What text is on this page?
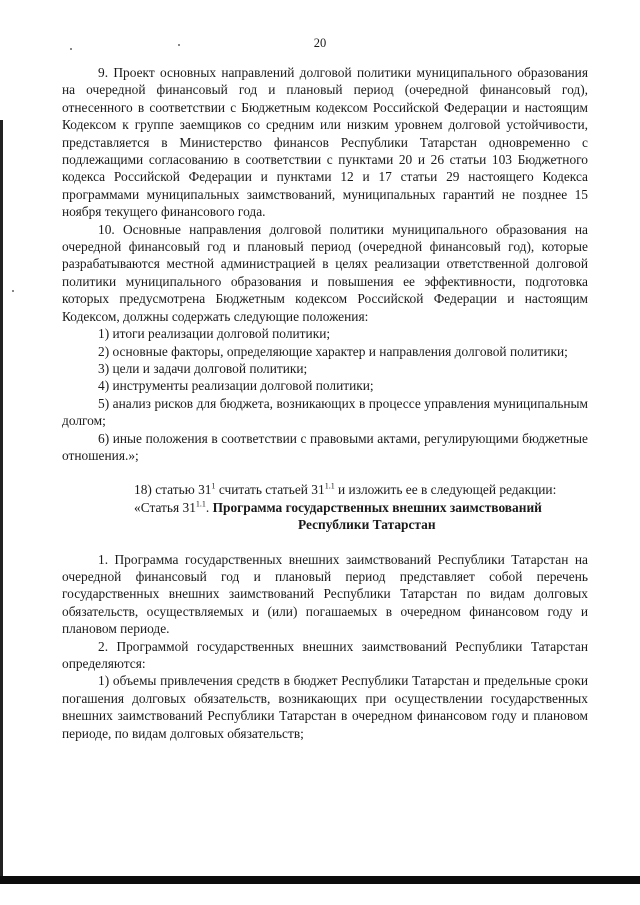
20

9. Проект основных направлений долговой политики муниципального образования на очередной финансовый год и плановый период (очередной финансовый год), отнесенного в соответствии с Бюджетным кодексом Российской Федерации и настоящим Кодексом к группе заемщиков со средним или низким уровнем долговой устойчивости, представляется в Министерство финансов Республики Татарстан одновременно с подлежащими согласованию в соответствии с пунктами 20 и 26 статьи 103 Бюджетного кодекса Российской Федерации и пунктами 12 и 17 статьи 29 настоящего Кодекса программами муниципальных заимствований, муниципальных гарантий не позднее 15 ноября текущего финансового года.

10. Основные направления долговой политики муниципального образования на очередной финансовый год и плановый период (очередной финансовый год), которые разрабатываются местной администрацией в целях реализации ответственной долговой политики муниципального образования и повышения ее эффективности, подготовка которых предусмотрена Бюджетным кодексом Российской Федерации и настоящим Кодексом, должны содержать следующие положения:

1) итоги реализации долговой политики;

2) основные факторы, определяющие характер и направления долговой политики;

3) цели и задачи долговой политики;

4) инструменты реализации долговой политики;

5) анализ рисков для бюджета, возникающих в процессе управления муниципальным долгом;

6) иные положения в соответствии с правовыми актами, регулирующими бюджетные отношения.»;

18) статью $31^1$ считать статьей $31^{1.1}$ и изложить ее в следующей редакции:

«Статья $31^{1.1}$. Программа государственных внешних заимствований

Республики Татарстан

1. Программа государственных внешних заимствований Республики Татарстан на очередной финансовый год и плановый период представляет собой перечень государственных внешних заимствований Республики Татарстан по видам долговых обязательств, осуществляемых и (или) погашаемых в очередном финансовом году и плановом периоде.

2. Программой государственных внешних заимствований Республики Татарстан определяются:

1) объемы привлечения средств в бюджет Республики Татарстан и предельные сроки погашения долговых обязательств, возникающих при осуществлении государственных внешних заимствований Республики Татарстан в очередном финансовом году и плановом периоде, по видам долговых обязательств;
